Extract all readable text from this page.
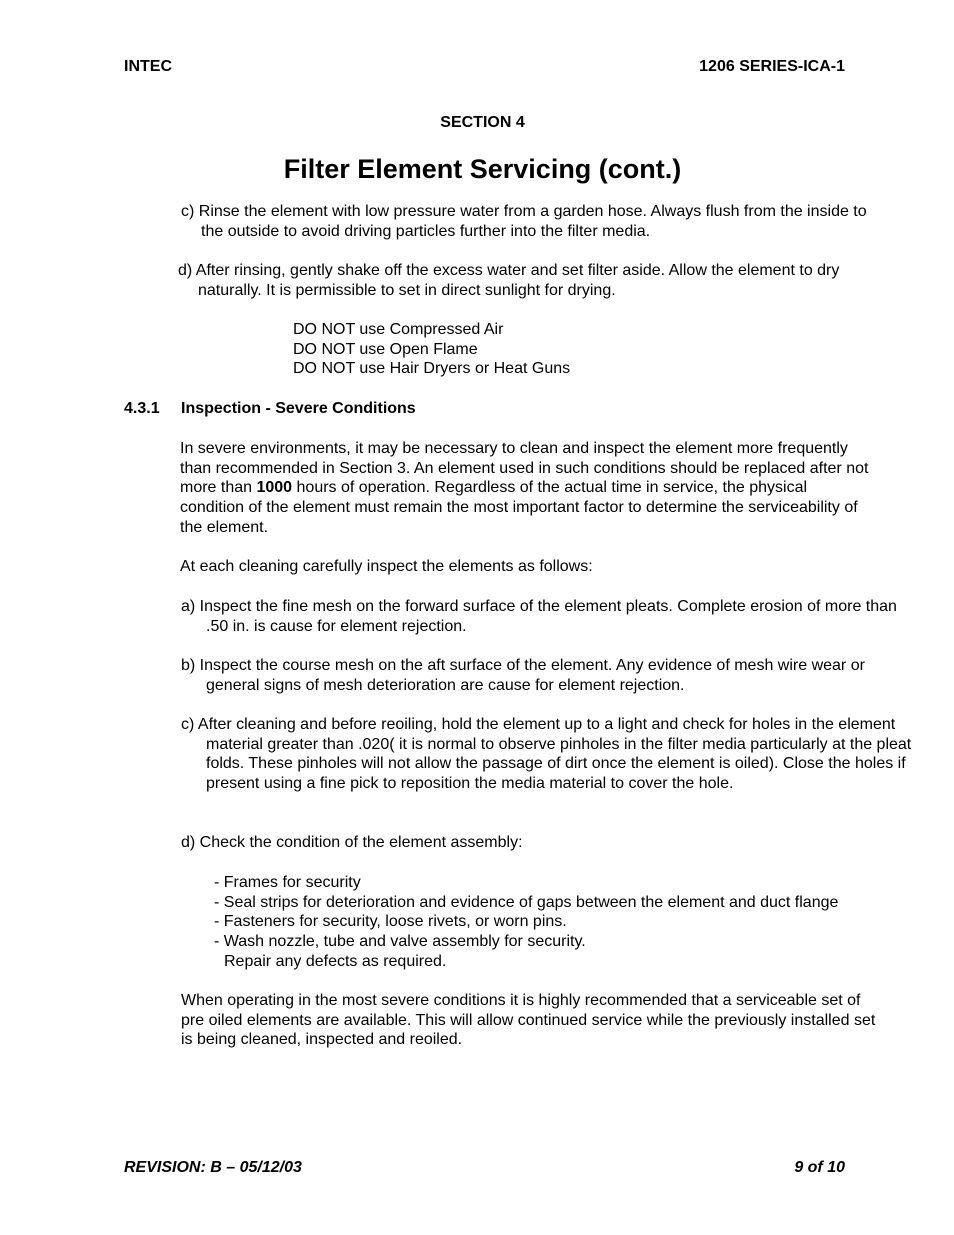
INTEC	1206 SERIES-ICA-1
SECTION 4
Filter Element Servicing (cont.)
c) Rinse the element with low pressure water from a garden hose. Always flush from the inside to the outside to avoid driving particles further into the filter media.
d) After rinsing, gently shake off the excess water and set filter aside. Allow the element to dry naturally. It is permissible to set in direct sunlight for drying.
DO NOT use Compressed Air
DO NOT use Open Flame
DO NOT use Hair Dryers or Heat Guns
4.3.1 Inspection - Severe Conditions
In severe environments, it may be necessary to clean and inspect the element more frequently than recommended in Section 3. An element used in such conditions should be replaced after not more than 1000 hours of operation. Regardless of the actual time in service, the physical condition of the element must remain the most important factor to determine the serviceability of the element.
At each cleaning carefully inspect the elements as follows:
a) Inspect the fine mesh on the forward surface of the element pleats. Complete erosion of more than .50 in. is cause for element rejection.
b) Inspect the course mesh on the aft surface of the element. Any evidence of mesh wire wear or general signs of mesh deterioration are cause for element rejection.
c) After cleaning and before reoiling, hold the element up to a light and check for holes in the element material greater than .020( it is normal to observe pinholes in the filter media particularly at the pleat folds. These pinholes will not allow the passage of dirt once the element is oiled). Close the holes if present using a fine pick to reposition the media material to cover the hole.
d) Check the condition of the element assembly:
- Frames for security
- Seal strips for deterioration and evidence of gaps between the element and duct flange
- Fasteners for security, loose rivets, or worn pins.
- Wash nozzle, tube and valve assembly for security.
Repair any defects as required.
When operating in the most severe conditions it is highly recommended that a serviceable set of pre oiled elements are available. This will allow continued service while the previously installed set is being cleaned, inspected and reoiled.
REVISION: B – 05/12/03	9 of 10
